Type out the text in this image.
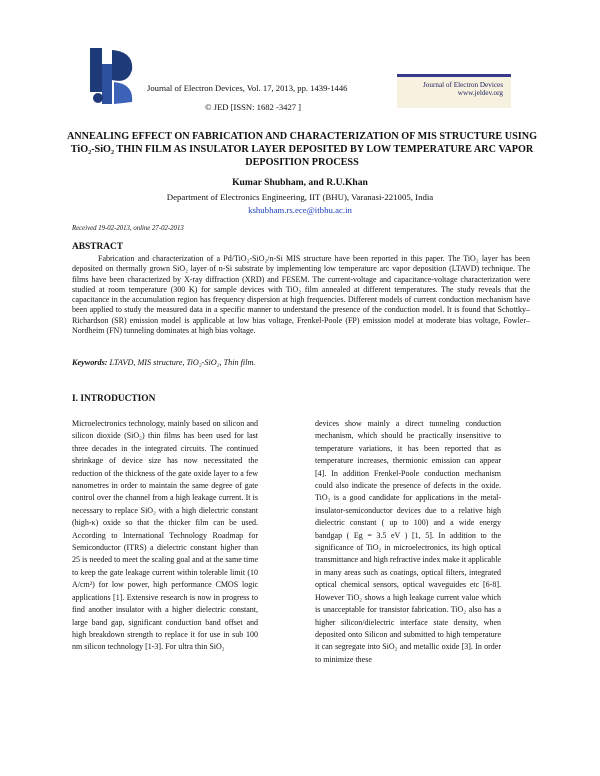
Journal of Electron Devices, Vol. 17, 2013, pp. 1439-1446
© JED [ISSN: 1682 -3427 ]
Journal of Electron Devices
www.jeldev.org
ANNEALING EFFECT ON FABRICATION AND CHARACTERIZATION OF MIS STRUCTURE USING TiO₂-SiO₂ THIN FILM AS INSULATOR LAYER DEPOSITED BY LOW TEMPERATURE ARC VAPOR DEPOSITION PROCESS
Kumar Shubham, and R.U.Khan
Department of Electronics Engineering, IIT (BHU), Varanasi-221005, India
kshubham.rs.ece@itbhu.ac.in
Received 19-02-2013, online 27-02-2013
ABSTRACT
Fabrication and characterization of a Pd/TiO₂-SiO₂/n-Si MIS structure have been reported in this paper. The TiO₂ layer has been deposited on thermally grown SiO₂ layer of n-Si substrate by implementing low temperature arc vapor deposition (LTAVD) technique. The films have been characterized by X-ray diffraction (XRD) and FESEM. The current-voltage and capacitance-voltage characterization were studied at room temperature (300 K) for sample devices with TiO₂ film annealed at different temperatures. The study reveals that the capacitance in the accumulation region has frequency dispersion at high frequencies. Different models of current conduction mechanism have been applied to study the measured data in a specific manner to understand the presence of the conduction model. It is found that Schottky–Richardson (SR) emission model is applicable at low bias voltage, Frenkel-Poole (FP) emission model at moderate bias voltage, Fowler–Nordheim (FN) tunneling dominates at high bias voltage.
Keywords: LTAVD, MIS structure, TiO₂-SiO₂, Thin film.
I. INTRODUCTION
Microelectronics technology, mainly based on silicon and silicon dioxide (SiO₂) thin films has been used for last three decades in the integrated circuits. The continued shrinkage of device size has now necessitated the reduction of the thickness of the gate oxide layer to a few nanometres in order to maintain the same degree of gate control over the channel from a high leakage current. It is necessary to replace SiO₂ with a high dielectric constant (high-κ) oxide so that the thicker film can be used. According to International Technology Roadmap for Semiconductor (ITRS) a dielectric constant higher than 25 is needed to meet the scaling goal and at the same time to keep the gate leakage current within tolerable limit (10 A/cm²) for low power, high performance CMOS logic applications [1]. Extensive research is now in progress to find another insulator with a higher dielectric constant, large band gap, significant conduction band offset and high breakdown strength to replace it for use in sub 100 nm silicon technology [1-3]. For ultra thin SiO₂
devices show mainly a direct tunneling conduction mechanism, which should be practically insensitive to temperature variations, it has been reported that as temperature increases, thermionic emission can appear [4]. In addition Frenkel-Poole conduction mechanism could also indicate the presence of defects in the oxide. TiO₂ is a good candidate for applications in the metal-insulator-semiconductor devices due to a relative high dielectric constant ( up to 100) and a wide energy bandgap ( Eg = 3.5 eV ) [1, 5]. In addition to the significance of TiO₂ in microelectronics, its high optical transmittance and high refractive index make it applicable in many areas such as coatings, optical filters, integrated optical chemical sensors, optical waveguides etc [6-8]. However TiO₂ shows a high leakage current value which is unacceptable for transistor fabrication. TiO₂ also has a higher silicon/dielectric interface state density, when deposited onto Silicon and submitted to high temperature it can segregate into SiO₂ and metallic oxide [3]. In order to minimize these
